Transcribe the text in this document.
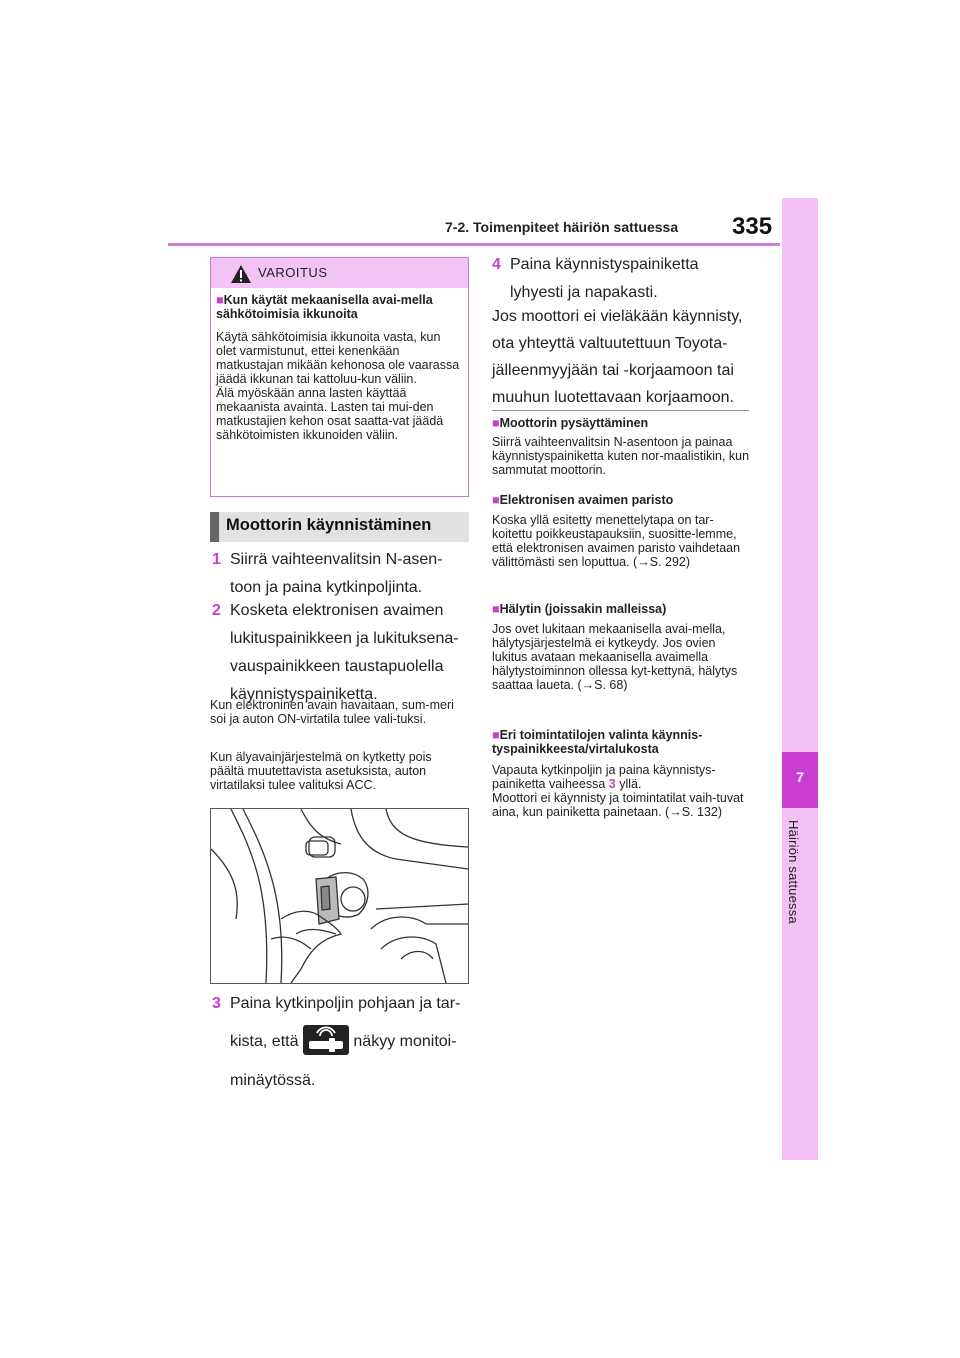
7-2. Toimenpiteet häiriön sattuessa 335
7
Häiriön sattuessa
VAROITUS
■Kun käytät mekaanisella avai-mella sähkötoimisia ikkunoita
Käytä sähkötoimisia ikkunoita vasta, kun olet varmistunut, ettei kenenkään matkustajan mikään kehonosa ole vaarassa jäädä ikkunan tai kattoluu-kun väliin.
Älä myöskään anna lasten käyttää mekaanista avainta. Lasten tai mui-den matkustajien kehon osat saatta-vat jäädä sähkötoimisten ikkunoiden väliin.
Moottorin käynnistäminen
1 Siirrä vaihteenvalitsin N-asen-
toon ja paina kytkinpoljinta.
2 Kosketa elektronisen avaimen
lukituspainikkeen ja lukituksena-
vauspainikkeen taustapuolella
käynnistyspainiketta.
Kun elektroninen avain havaitaan, sum-meri soi ja auton ON-virtatila tulee vali-tuksi.
Kun älyavainjärjestelmä on kytketty pois päältä muutettavista asetuksista, auton virtatilaksi tulee valituksi ACC.
3 Paina kytkinpoljin pohjaan ja tar-
kista, että	näkyy monitoi-
minäytössä.
4 Paina käynnistyspainiketta
lyhyesti ja napakasti.
Jos moottori ei vieläkään käynnisty,
ota yhteyttä valtuutettuun Toyota-
jälleenmyyjään tai -korjaamoon tai
muuhun luotettavaan korjaamoon.
■Moottorin pysäyttäminen
Siirrä vaihteenvalitsin N-asentoon ja painaa käynnistyspainiketta kuten nor-maalistikin, kun sammutat moottorin.
■Elektronisen avaimen paristo
Koska yllä esitetty menettelytapa on tar-koitettu poikkeustapauksiin, suositte-lemme, että elektronisen avaimen paristo vaihdetaan välittömästi sen loputtua. (→S. 292)
■Hälytin (joissakin malleissa)
Jos ovet lukitaan mekaanisella avai-mella, hälytysjärjestelmä ei kytkeydy. Jos ovien lukitus avataan mekaanisella avaimella hälytystoiminnon ollessa kyt-kettynä, hälytys saattaa laueta. (→S. 68)
■Eri toimintatilojen valinta käynnis-tyspainikkeesta/virtalukosta
Vapauta kytkinpoljin ja paina käynnistys-painiketta vaiheessa 3 yllä.
Moottori ei käynnisty ja toimintatilat vaih-tuvat aina, kun painiketta painetaan. (→S. 132)
